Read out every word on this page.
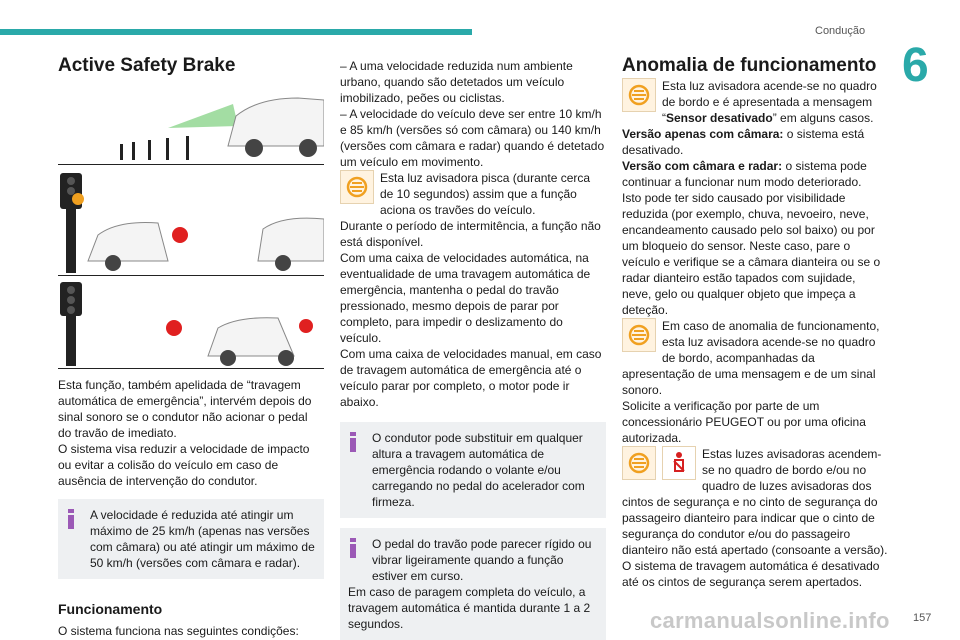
Condução
6
Active Safety Brake

Esta função, também apelidada de “travagem automática de emergência”, intervém depois do sinal sonoro se o condutor não acionar o pedal do travão de imediato.

O sistema visa reduzir a velocidade de impacto ou evitar a colisão do veículo em caso de ausência de intervenção do condutor.

A velocidade é reduzida até atingir um máximo de 25 km/h (apenas nas versões com câmara) ou até atingir um máximo de 50 km/h (versões com câmara e radar).
Funcionamento

O sistema funciona nas seguintes condições:

– A uma velocidade reduzida num ambiente urbano, quando são detetados um veículo imobilizado, peões ou ciclistas.

– A velocidade do veículo deve ser entre 10 km/h e 85 km/h (versões só com câmara) ou 140 km/h (versões com câmara e radar) quando é detetado um veículo em movimento.

Esta luz avisadora pisca (durante cerca de 10 segundos) assim que a função aciona os travões do veículo.

Durante o período de intermitência, a função não está disponível.

Com uma caixa de velocidades automática, na eventualidade de uma travagem automática de emergência, mantenha o pedal do travão pressionado, mesmo depois de parar por completo, para impedir o deslizamento do veículo.

Com uma caixa de velocidades manual, em caso de travagem automática de emergência até o veículo parar por completo, o motor pode ir abaixo.

O condutor pode substituir em qualquer altura a travagem automática de emergência rodando o volante e/ou carregando no pedal do acelerador com firmeza.
O pedal do travão pode parecer rígido ou vibrar ligeiramente quando a função estiver em curso.

Em caso de paragem completa do veículo, a travagem automática é mantida durante 1 a 2 segundos.

Anomalia de funcionamento

Esta luz avisadora acende-se no quadro de bordo e é apresentada a mensagem “Sensor desativado” em alguns casos.

Versão apenas com câmara: o sistema está desativado.

Versão com câmara e radar: o sistema pode continuar a funcionar num modo deteriorado.

Isto pode ter sido causado por visibilidade reduzida (por exemplo, chuva, nevoeiro, neve, encandeamento causado pelo sol baixo) ou por um bloqueio do sensor. Neste caso, pare o veículo e verifique se a câmara dianteira ou se o radar dianteiro estão tapados com sujidade, neve, gelo ou qualquer objeto que impeça a deteção.

Em caso de anomalia de funcionamento, esta luz avisadora acende-se no quadro de bordo, acompanhadas da apresentação de uma mensagem e de um sinal sonoro.

Solicite a verificação por parte de um concessionário PEUGEOT ou por uma oficina autorizada.

Estas luzes avisadoras acendem-se no quadro de bordo e/ou no quadro de luzes avisadoras dos cintos de segurança e no cinto de segurança do passageiro dianteiro para indicar que o cinto de segurança do condutor e/ou do passageiro dianteiro não está apertado (consoante a versão). O sistema de travagem automática é desativado até os cintos de segurança serem apertados.

carmanualsonline.info 157
